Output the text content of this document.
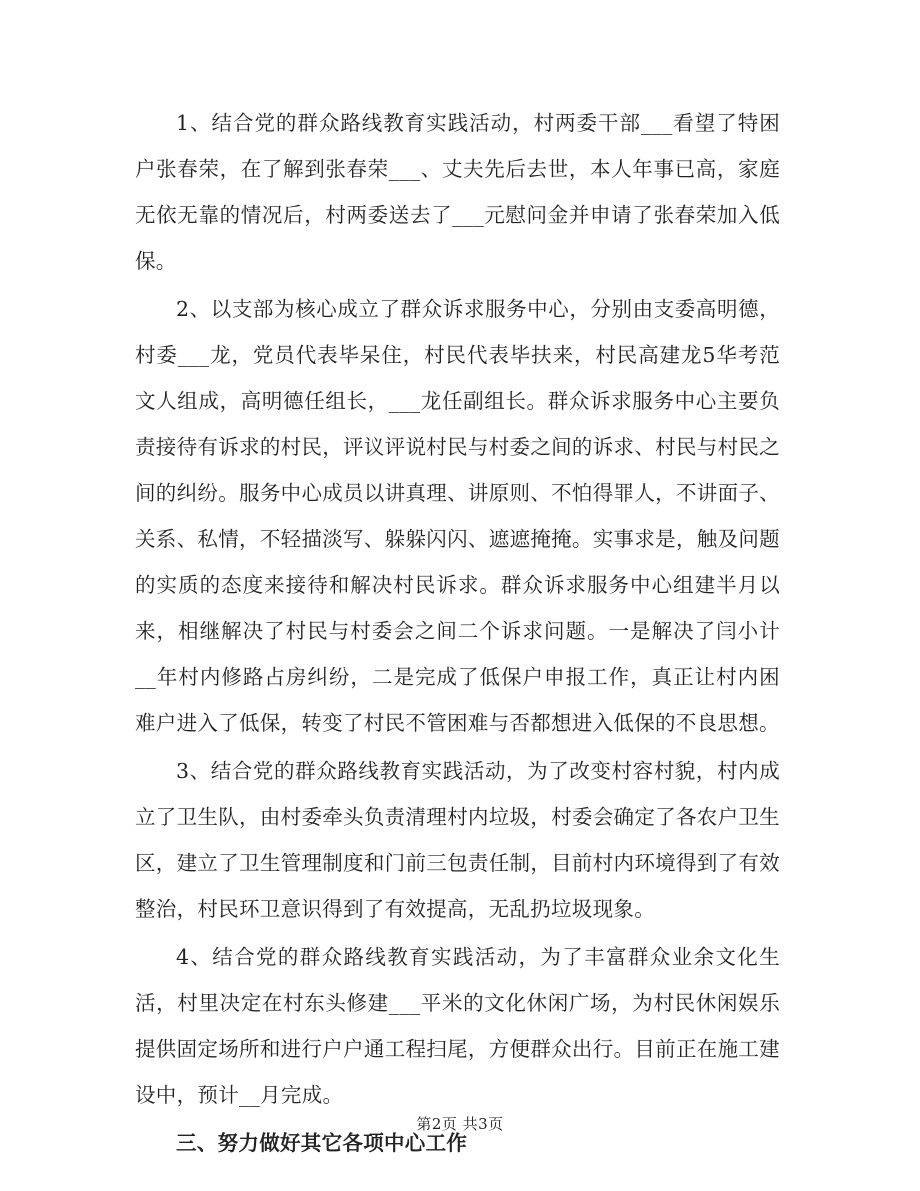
1、结合党的群众路线教育实践活动，村两委干部___看望了特困户张春荣，在了解到张春荣___、丈夫先后去世，本人年事已高，家庭无依无靠的情况后，村两委送去了___元慰问金并申请了张春荣加入低保。

2、以支部为核心成立了群众诉求服务中心，分别由支委高明德，村委___龙，党员代表毕呆住，村民代表毕扶来，村民高建龙5华考范文人组成，高明德任组长，___龙任副组长。群众诉求服务中心主要负责接待有诉求的村民，评议评说村民与村委之间的诉求、村民与村民之间的纠纷。服务中心成员以讲真理、讲原则、不怕得罪人，不讲面子、关系、私情，不轻描淡写、躲躲闪闪、遮遮掩掩。实事求是，触及问题的实质的态度来接待和解决村民诉求。群众诉求服务中心组建半月以来，相继解决了村民与村委会之间二个诉求问题。一是解决了闫小计__年村内修路占房纠纷，二是完成了低保户申报工作，真正让村内困难户进入了低保，转变了村民不管困难与否都想进入低保的不良思想。

3、结合党的群众路线教育实践活动，为了改变村容村貌，村内成立了卫生队，由村委牵头负责清理村内垃圾，村委会确定了各农户卫生区，建立了卫生管理制度和门前三包责任制，目前村内环境得到了有效整治，村民环卫意识得到了有效提高，无乱扔垃圾现象。

4、结合党的群众路线教育实践活动，为了丰富群众业余文化生活，村里决定在村东头修建___平米的文化休闲广场，为村民休闲娱乐提供固定场所和进行户户通工程扫尾，方便群众出行。目前正在施工建设中，预计__月完成。

三、努力做好其它各项中心工作

第2页 共3页
